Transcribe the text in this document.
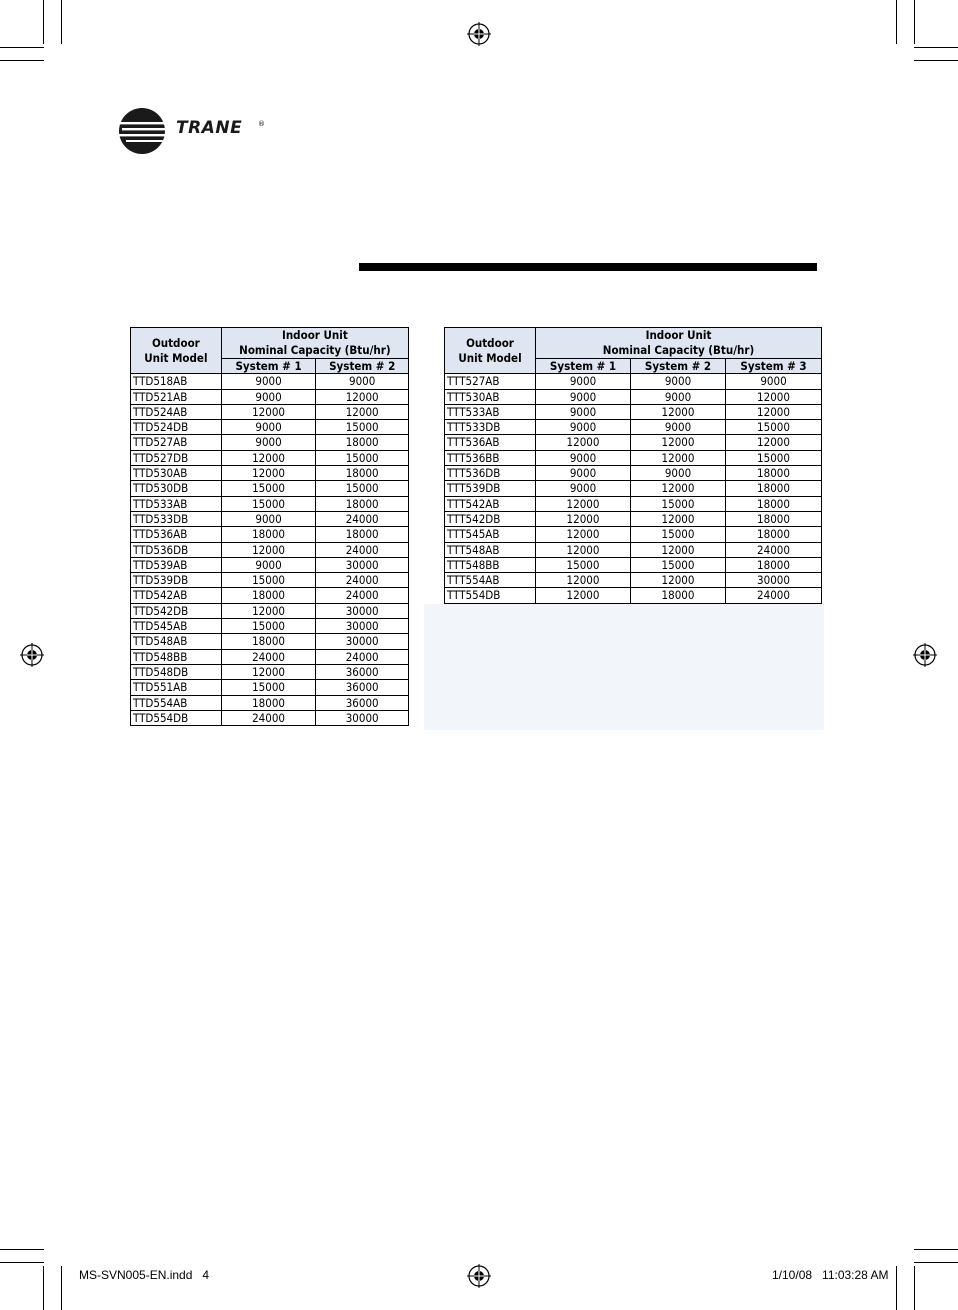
TRANE ®
Outdoor
Unit Model	Indoor Unit
Nominal Capacity (Btu/hr)	
	System # 1	System # 2
TTD518AB	9000	9000
TTD521AB	9000	12000
TTD524AB	12000	12000
TTD524DB	9000	15000
TTD527AB	9000	18000
TTD527DB	12000	15000
TTD530AB	12000	18000
TTD530DB	15000	15000
TTD533AB	15000	18000
TTD533DB	9000	24000
TTD536AB	18000	18000
TTD536DB	12000	24000
TTD539AB	9000	30000
TTD539DB	15000	24000
TTD542AB	18000	24000
TTD542DB	12000	30000
TTD545AB	15000	30000
TTD548AB	18000	30000
TTD548BB	24000	24000
TTD548DB	12000	36000
TTD551AB	15000	36000
TTD554AB	18000	36000
TTD554DB	24000	30000
Outdoor
Unit Model	Indoor Unit
Nominal Capacity (Btu/hr)		
	System # 1	System # 2	System # 3
TTT527AB	9000	9000	9000
TTT530AB	9000	9000	12000
TTT533AB	9000	12000	12000
TTT533DB	9000	9000	15000
TTT536AB	12000	12000	12000
TTT536BB	9000	12000	15000
TTT536DB	9000	9000	18000
TTT539DB	9000	12000	18000
TTT542AB	12000	15000	18000
TTT542DB	12000	12000	18000
TTT545AB	12000	15000	18000
TTT548AB	12000	12000	24000
TTT548BB	15000	15000	18000
TTT554AB	12000	12000	30000
TTT554DB	12000	18000	24000
MS-SVN005-EN.indd   4	1/10/08   11:03:28 AM
